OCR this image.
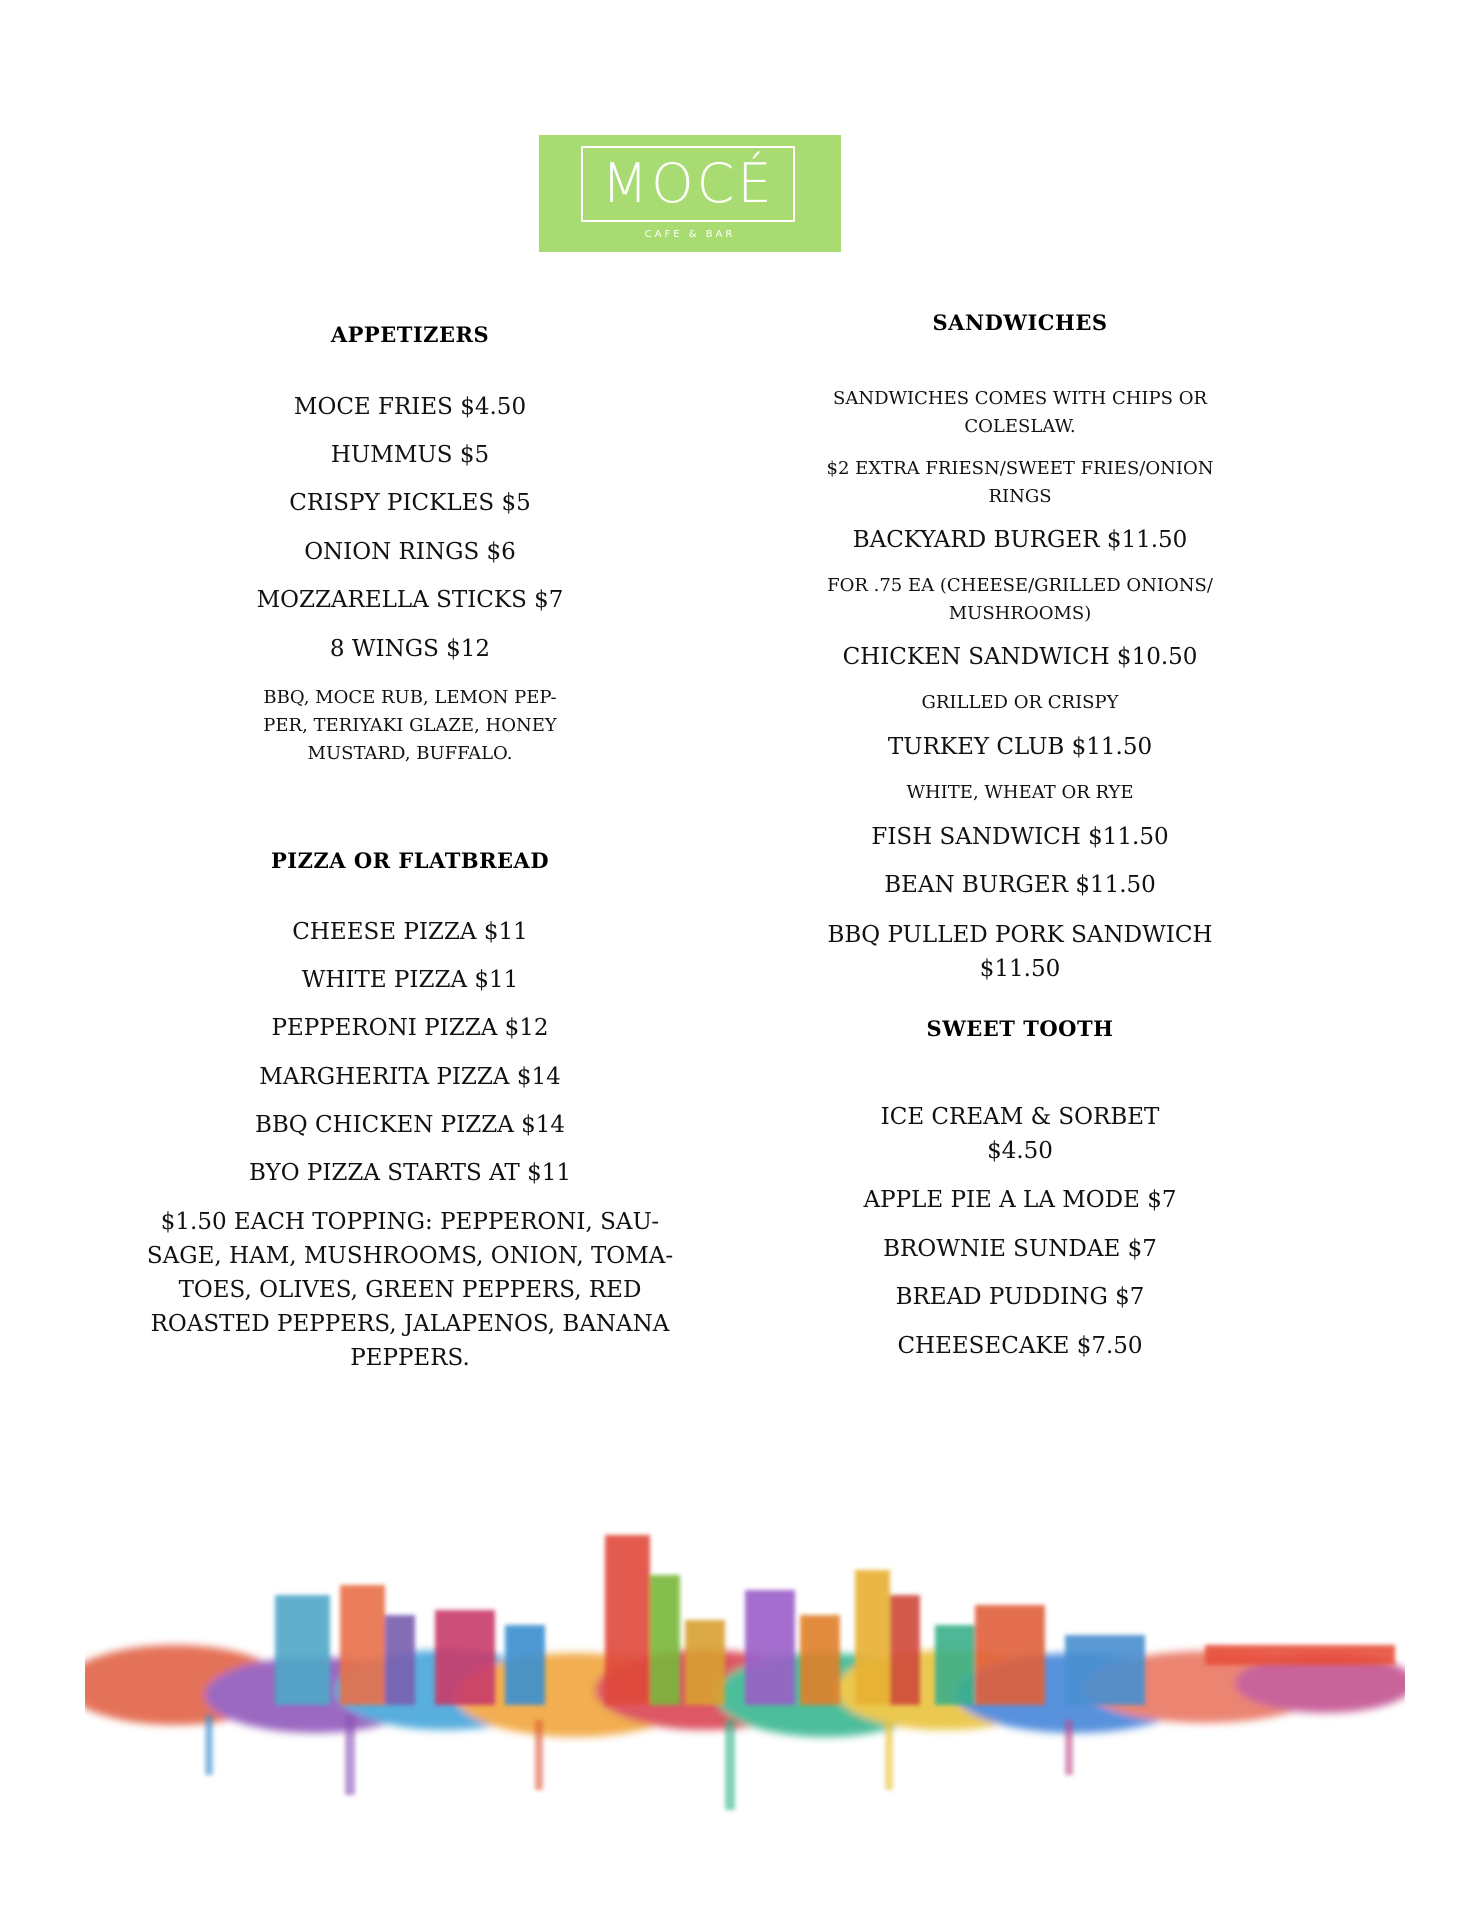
MOCÉ
CAFE & BAR
APPETIZERS
MOCE FRIES $4.50
HUMMUS $5
CRISPY PICKLES $5
ONION RINGS $6
MOZZARELLA STICKS $7
8 WINGS $12
BBQ, MOCE RUB, LEMON PEP-PER, TERIYAKI GLAZE, HONEY MUSTARD, BUFFALO.
PIZZA OR FLATBREAD
CHEESE PIZZA $11
WHITE PIZZA $11
PEPPERONI PIZZA $12
MARGHERITA PIZZA $14
BBQ CHICKEN PIZZA $14
BYO PIZZA STARTS AT $11
$1.50 EACH TOPPING: PEPPERONI, SAU-SAGE, HAM, MUSHROOMS, ONION, TOMA-TOES, OLIVES, GREEN PEPPERS, RED ROASTED PEPPERS, JALAPENOS, BANANA PEPPERS.
SANDWICHES
SANDWICHES COMES WITH CHIPS OR COLESLAW.
$2 EXTRA FRIESN/SWEET FRIES/ONION RINGS
BACKYARD BURGER $11.50
FOR .75 EA (CHEESE/GRILLED ONIONS/ MUSHROOMS)
CHICKEN SANDWICH $10.50
GRILLED OR CRISPY
TURKEY CLUB $11.50
WHITE, WHEAT OR RYE
FISH SANDWICH $11.50
BEAN BURGER $11.50
BBQ PULLED PORK SANDWICH $11.50
SWEET TOOTH
ICE CREAM & SORBET $4.50
APPLE PIE A LA MODE $7
BROWNIE SUNDAE $7
BREAD PUDDING $7
CHEESECAKE $7.50
